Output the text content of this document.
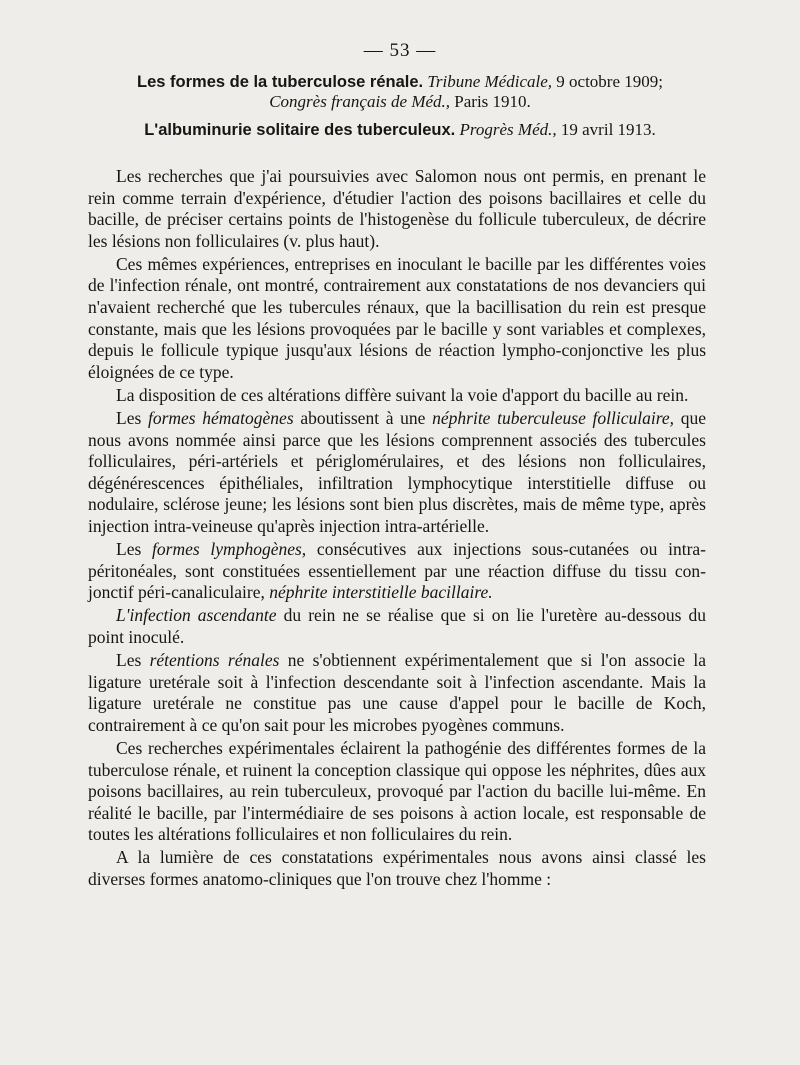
— 53 —
Les formes de la tuberculose rénale. Tribune Médicale, 9 octobre 1909;
Congrès français de Méd., Paris 1910.
L'albuminurie solitaire des tuberculeux. Progrès Méd., 19 avril 1913.

Les recherches que j'ai poursuivies avec Salomon nous ont permis, en prenant le rein comme terrain d'expérience, d'étudier l'action des poisons bacillaires et celle du bacille, de préciser certains points de l'histogenèse du follicule tuberculeux, de décrire les lésions non folliculaires (v. plus haut).

Ces mêmes expériences, entreprises en inoculant le bacille par les différentes voies de l'infection rénale, ont montré, contrairement aux constatations de nos devanciers qui n'avaient recherché que les tubercules rénaux, que la bacillisation du rein est presque constante, mais que les lésions provoquées par le bacille y sont variables et complexes, depuis le follicule typique jusqu'aux lésions de réaction lympho-conjonctive les plus éloignées de ce type.

La disposition de ces altérations diffère suivant la voie d'apport du bacille au rein.

Les formes hématogènes aboutissent à une néphrite tuberculeuse folliculaire, que nous avons nommée ainsi parce que les lésions comprennent associés des tubercules folliculaires, péri-artériels et périglomérulaires, et des lésions non folliculaires, dégénérescences épithéliales, infiltration lymphocytique interstitielle diffuse ou nodulaire, sclérose jeune; les lésions sont bien plus discrètes, mais de même type, après injection intra-veineuse qu'après injection intra-artérielle.

Les formes lymphogènes, consécutives aux injections sous-cutanées ou intrapéritonéales, sont constituées essentiellement par une réaction diffuse du tissu conjonctif péri-canaliculaire, néphrite interstitielle bacillaire.

L'infection ascendante du rein ne se réalise que si on lie l'uretère au-dessous du point inoculé.

Les rétentions rénales ne s'obtiennent expérimentalement que si l'on associe la ligature uretérale soit à l'infection descendante soit à l'infection ascendante. Mais la ligature uretérale ne constitue pas une cause d'appel pour le bacille de Koch, contrairement à ce qu'on sait pour les microbes pyogènes communs.

Ces recherches expérimentales éclairent la pathogénie des différentes formes de la tuberculose rénale, et ruinent la conception classique qui oppose les néphrites, dûes aux poisons bacillaires, au rein tuberculeux, provoqué par l'action du bacille lui-même. En réalité le bacille, par l'intermédiaire de ses poisons à action locale, est responsable de toutes les altérations folliculaires et non folliculaires du rein.

A la lumière de ces constatations expérimentales nous avons ainsi classé les diverses formes anatomo-cliniques que l'on trouve chez l'homme :
